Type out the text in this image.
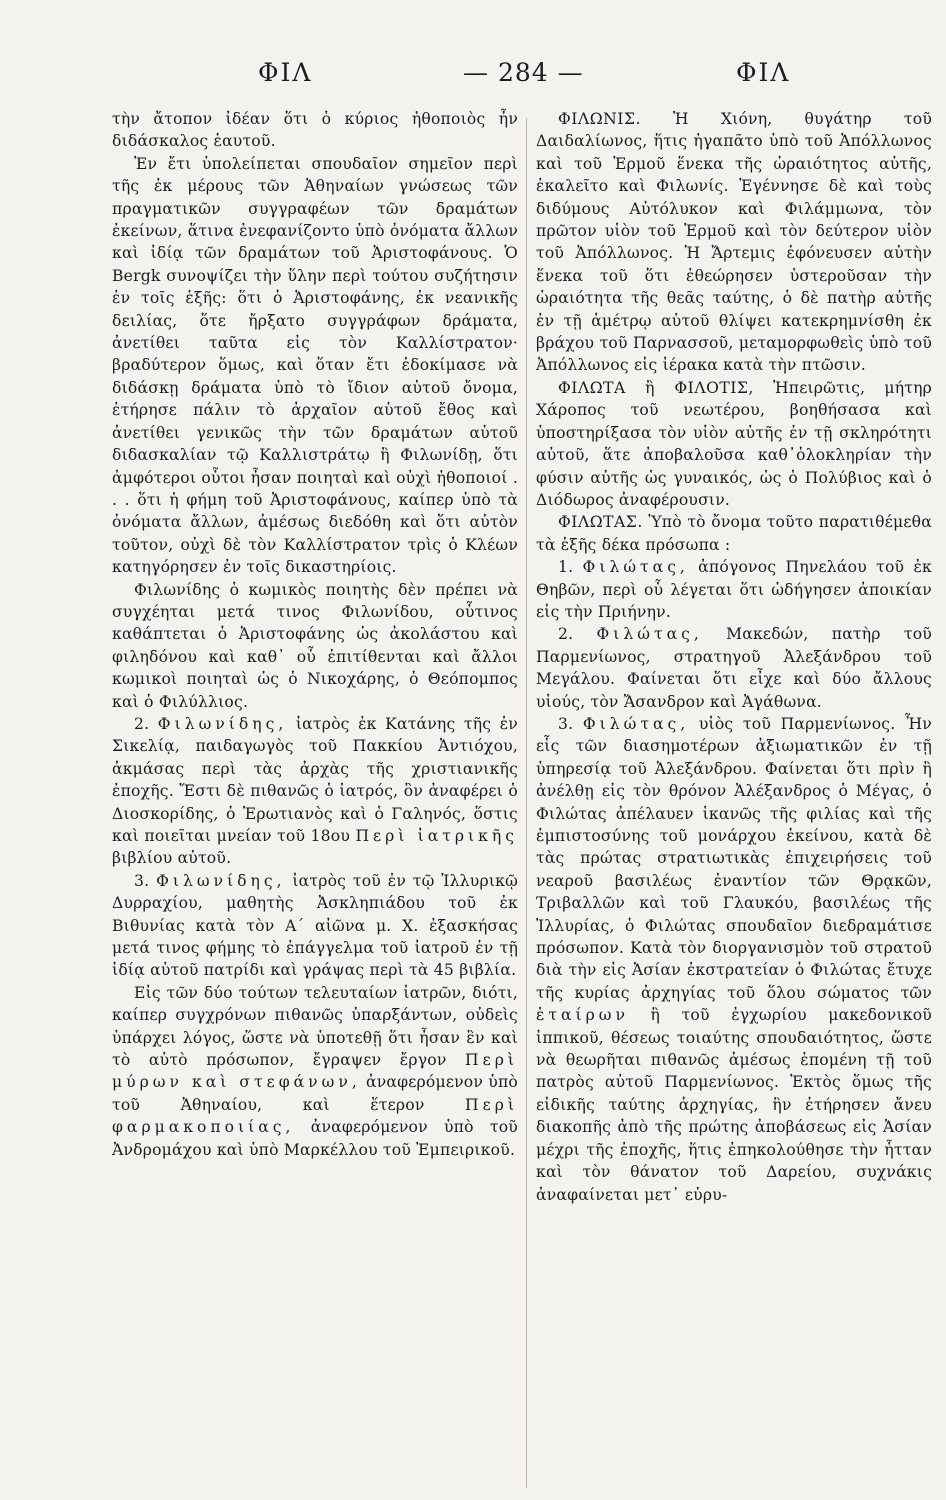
ΦΙΛ	— 284 —	ΦΙΛ

τὴν ἄτοπον ἰδέαν ὅτι ὁ κύριος ἠθοποιὸς ἦν διδάσκαλος ἑαυτοῦ.

Ἐν ἔτι ὑπολείπεται σπουδαῖον σημεῖον περὶ τῆς ἐκ μέρους τῶν Ἀθηναίων γνώσεως τῶν πραγματικῶν συγγραφέων τῶν δραμάτων ἐκείνων, ἅτινα ἐνεφανίζοντο ὑπὸ ὀνόματα ἄλλων καὶ ἰδίᾳ τῶν δραμάτων τοῦ Ἀριστοφάνους. Ὁ Bergk συνοψίζει τὴν ὕλην περὶ τούτου συζήτησιν ἐν τοῖς ἑξῆς: ὅτι ὁ Ἀριστοφάνης, ἐκ νεανικῆς δειλίας, ὅτε ἤρξατο συγγράφων δράματα, ἀνετίθει ταῦτα εἰς τὸν Καλλίστρατον· βραδύτερον ὅμως, καὶ ὅταν ἔτι ἐδοκίμασε νὰ διδάσκῃ δράματα ὑπὸ τὸ ἴδιον αὑτοῦ ὄνομα, ἐτήρησε πάλιν τὸ ἀρχαῖον αὑτοῦ ἔθος καὶ ἀνετίθει γενικῶς τὴν τῶν δραμάτων αὑτοῦ διδασκαλίαν τῷ Καλλιστράτῳ ἢ Φιλωνίδῃ, ὅτι ἀμφότεροι οὗτοι ἦσαν ποιηταὶ καὶ οὐχὶ ἠθοποιοί . . . ὅτι ἡ φήμη τοῦ Ἀριστοφάνους, καίπερ ὑπὸ τὰ ὀνόματα ἄλλων, ἀμέσως διεδόθη καὶ ὅτι αὐτὸν τοῦτον, οὐχὶ δὲ τὸν Καλλίστρατον τρὶς ὁ Κλέων κατηγόρησεν ἐν τοῖς δικαστηρίοις.

Φιλωνίδης ὁ κωμικὸς ποιητὴς δὲν πρέπει νὰ συγχέηται μετά τινος Φιλωνίδου, οὗτινος καθάπτεται ὁ Ἀριστοφάνης ὡς ἀκολάστου καὶ φιληδόνου καὶ καθ᾽ οὗ ἐπιτίθενται καὶ ἄλλοι κωμικοὶ ποιηταὶ ὡς ὁ Νικοχάρης, ὁ Θεόπομπος καὶ ὁ Φιλύλλιος.

2. Φιλωνίδης, ἰατρὸς ἐκ Κατάνης τῆς ἐν Σικελίᾳ, παιδαγωγὸς τοῦ Πακκίου Ἀντιόχου, ἀκμάσας περὶ τὰς ἀρχὰς τῆς χριστιανικῆς ἐποχῆς. Ἔστι δὲ πιθανῶς ὁ ἰατρός, ὃν ἀναφέρει ὁ Διοσκορίδης, ὁ Ἐρωτιανὸς καὶ ὁ Γαληνός, ὅστις καὶ ποιεῖται μνείαν τοῦ 18ου Περὶ ἰατρικῆς βιβλίου αὐτοῦ.

3. Φιλωνίδης, ἰατρὸς τοῦ ἐν τῷ Ἰλλυρικῷ Δυρραχίου, μαθητὴς Ἀσκληπιάδου τοῦ ἐκ Βιθυνίας κατὰ τὸν Α΄ αἰῶνα μ. Χ. ἐξασκήσας μετά τινος φήμης τὸ ἐπάγγελμα τοῦ ἰατροῦ ἐν τῇ ἰδίᾳ αὑτοῦ πατρίδι καὶ γράψας περὶ τὰ 45 βιβλία.

Εἰς τῶν δύο τούτων τελευταίων ἰατρῶν, διότι, καίπερ συγχρόνων πιθανῶς ὑπαρξάντων, οὐδεὶς ὑπάρχει λόγος, ὥστε νὰ ὑποτεθῇ ὅτι ἦσαν ἓν καὶ τὸ αὐτὸ πρόσωπον, ἔγραψεν ἔργον Περὶ μύρων καὶ στεφάνων, ἀναφερόμενον ὑπὸ τοῦ Ἀθηναίου, καὶ ἕτερον	Περὶ φαρμακοποιίας, ἀναφερόμενον ὑπὸ τοῦ Ἀνδρομάχου καὶ ὑπὸ Μαρκέλλου τοῦ Ἐμπειρικοῦ.

ΦΙΛΩΝΙΣ. Ἡ Χιόνη, θυγάτηρ τοῦ Δαιδαλίωνος, ἥτις ἠγαπᾶτο ὑπὸ τοῦ Ἀπόλλωνος καὶ τοῦ Ἑρμοῦ ἕνεκα τῆς ὡραιότητος αὐτῆς, ἐκαλεῖτο καὶ Φιλωνίς. Ἐγέννησε δὲ καὶ τοὺς διδύμους Αὐτόλυκον καὶ Φιλάμμωνα, τὸν πρῶτον υἱὸν τοῦ Ἑρμοῦ καὶ τὸν δεύτερον υἱὸν τοῦ Ἀπόλλωνος. Ἡ Ἄρτεμις ἐφόνευσεν αὐτὴν ἕνεκα τοῦ ὅτι ἐθεώρησεν ὑστεροῦσαν τὴν ὡραιότητα τῆς θεᾶς ταύτης, ὁ δὲ πατὴρ αὐτῆς ἐν τῇ ἀμέτρῳ αὑτοῦ θλίψει κατεκρημνίσθη ἐκ βράχου τοῦ Παρνασσοῦ, μεταμορφωθεὶς ὑπὸ τοῦ Ἀπόλλωνος εἰς ἱέρακα κατὰ τὴν πτῶσιν.

ΦΙΛΩΤΑ ἢ ΦΙΛΟΤΙΣ, Ἠπειρῶτις, μήτηρ Χάροπος τοῦ νεωτέρου, βοηθήσασα καὶ ὑποστηρίξασα τὸν υἱὸν αὐτῆς ἐν τῇ σκληρότητι αὐτοῦ, ἅτε ἀποβαλοῦσα καθ᾽ὁλοκληρίαν τὴν φύσιν αὐτῆς ὡς γυναικός, ὡς ὁ Πολύβιος καὶ ὁ Διόδωρος ἀναφέρουσιν.

ΦΙΛΩΤΑΣ. Ὑπὸ τὸ ὄνομα τοῦτο παρατιθέμεθα τὰ ἑξῆς δέκα πρόσωπα :

1. Φιλώτας, ἀπόγονος Πηνελάου τοῦ ἐκ Θηβῶν, περὶ οὗ λέγεται ὅτι ὡδήγησεν ἀποικίαν εἰς τὴν Πριήνην.

2. Φιλώτας, Μακεδών, πατὴρ τοῦ Παρμενίωνος, στρατηγοῦ Ἀλεξάνδρου τοῦ Μεγάλου. Φαίνεται ὅτι εἶχε καὶ δύο ἄλλους υἱούς, τὸν Ἄσανδρον καὶ Ἀγάθωνα.

3. Φιλώτας, υἱὸς τοῦ Παρμενίωνος. Ἦν εἷς τῶν διασημοτέρων ἀξιωματικῶν ἐν τῇ ὑπηρεσίᾳ τοῦ Ἀλεξάνδρου. Φαίνεται ὅτι πρὶν ἢ ἀνέλθῃ εἰς τὸν θρόνον Ἀλέξανδρος ὁ Μέγας, ὁ Φιλώτας ἀπέλαυεν ἱκανῶς τῆς φιλίας καὶ τῆς ἐμπιστοσύνης τοῦ μονάρχου ἐκείνου, κατὰ δὲ τὰς πρώτας στρατιωτικὰς ἐπιχειρήσεις τοῦ νεαροῦ βασιλέως ἐναντίον τῶν Θρᾳκῶν, Τριβαλλῶν καὶ τοῦ Γλαυκόυ, βασιλέως τῆς Ἰλλυρίας, ὁ Φιλώτας σπουδαῖον διεδραμάτισε πρόσωπον. Κατὰ τὸν διοργανισμὸν τοῦ στρατοῦ διὰ τὴν εἰς Ἀσίαν ἐκστρατείαν ὁ Φιλώτας ἔτυχε τῆς κυρίας ἀρχηγίας τοῦ ὅλου σώματος τῶν ἑταίρων ἢ τοῦ ἐγχωρίου μακεδονικοῦ ἱππικοῦ, θέσεως τοιαύτης σπουδαιότητος, ὥστε νὰ θεωρῆται πιθανῶς ἀμέσως ἑπομένη τῇ τοῦ πατρὸς αὐτοῦ Παρμενίωνος. Ἐκτὸς ὅμως τῆς εἰδικῆς ταύτης ἀρχηγίας, ἣν ἐτήρησεν ἄνευ διακοπῆς ἀπὸ τῆς πρώτης ἀποβάσεως εἰς Ἀσίαν μέχρι τῆς ἐποχῆς, ἥτις ἐπηκολούθησε τὴν ἧτταν καὶ τὸν θάνατον τοῦ Δαρείου, συχνάκις ἀναφαίνεται μετ᾽ εὐρυ-
